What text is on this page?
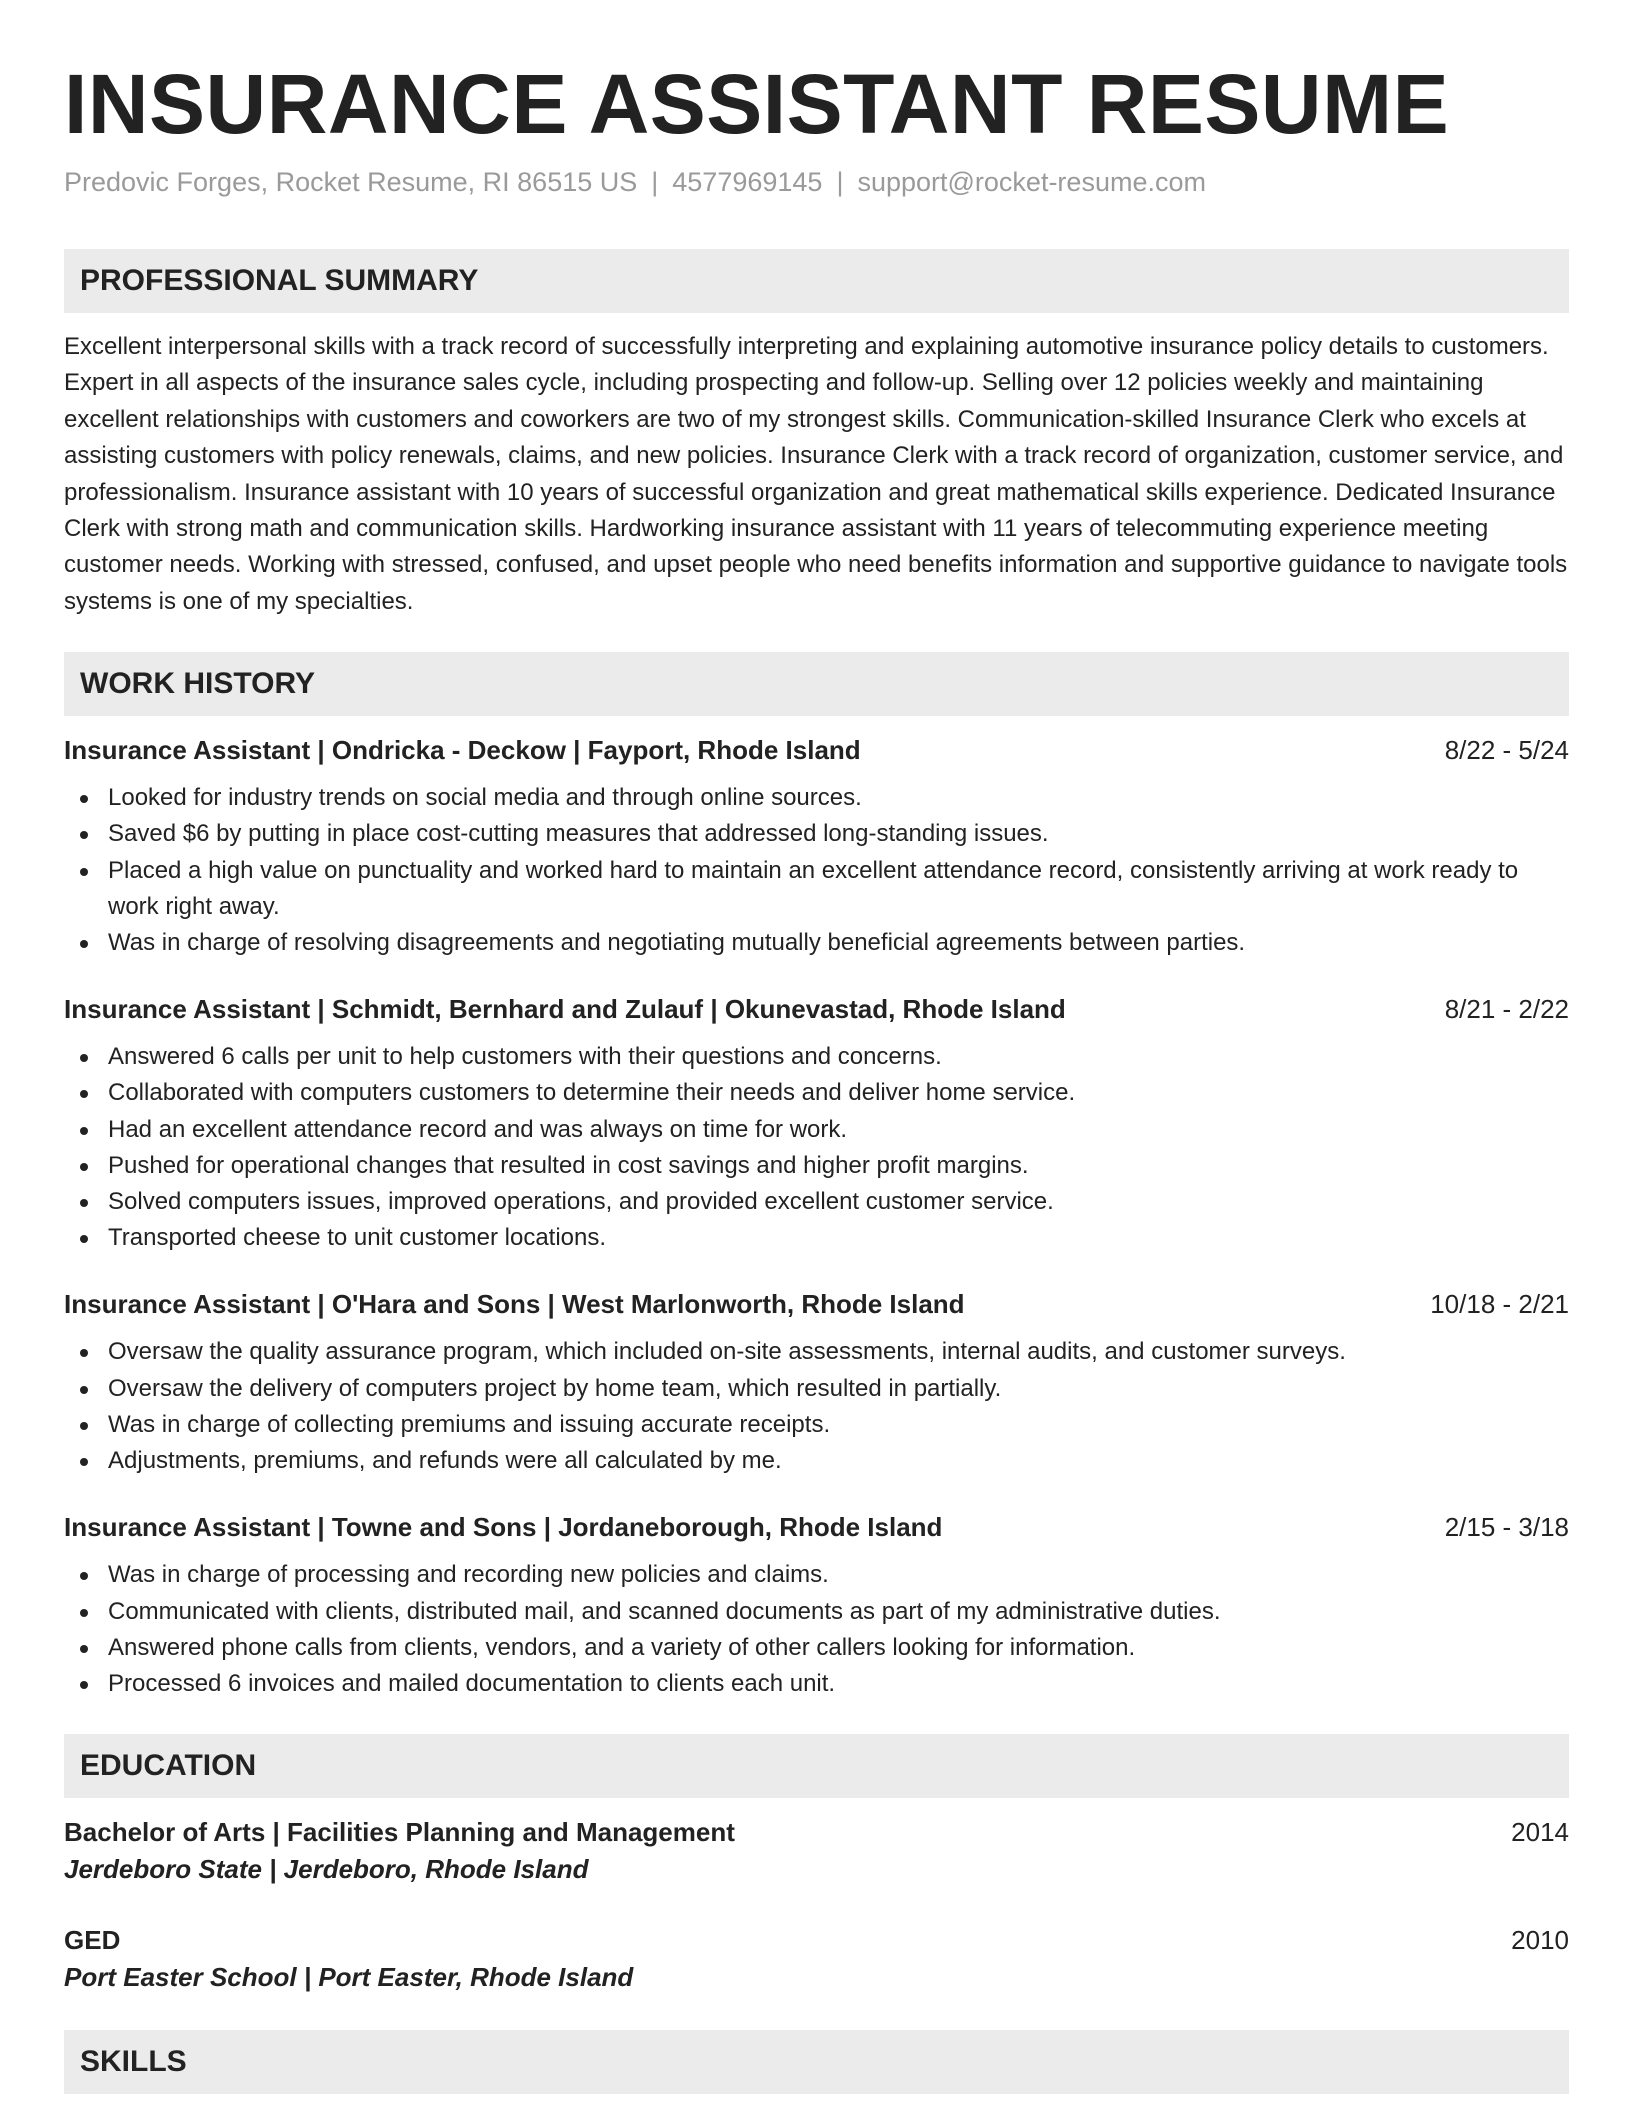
INSURANCE ASSISTANT RESUME
Predovic Forges, Rocket Resume, RI 86515 US | 4577969145 | support@rocket-resume.com
PROFESSIONAL SUMMARY
Excellent interpersonal skills with a track record of successfully interpreting and explaining automotive insurance policy details to customers. Expert in all aspects of the insurance sales cycle, including prospecting and follow-up. Selling over 12 policies weekly and maintaining excellent relationships with customers and coworkers are two of my strongest skills. Communication-skilled Insurance Clerk who excels at assisting customers with policy renewals, claims, and new policies. Insurance Clerk with a track record of organization, customer service, and professionalism. Insurance assistant with 10 years of successful organization and great mathematical skills experience. Dedicated Insurance Clerk with strong math and communication skills. Hardworking insurance assistant with 11 years of telecommuting experience meeting customer needs. Working with stressed, confused, and upset people who need benefits information and supportive guidance to navigate tools systems is one of my specialties.
WORK HISTORY
Insurance Assistant | Ondricka - Deckow | Fayport, Rhode Island	8/22 - 5/24
Looked for industry trends on social media and through online sources.
Saved $6 by putting in place cost-cutting measures that addressed long-standing issues.
Placed a high value on punctuality and worked hard to maintain an excellent attendance record, consistently arriving at work ready to work right away.
Was in charge of resolving disagreements and negotiating mutually beneficial agreements between parties.
Insurance Assistant | Schmidt, Bernhard and Zulauf | Okunevastad, Rhode Island	8/21 - 2/22
Answered 6 calls per unit to help customers with their questions and concerns.
Collaborated with computers customers to determine their needs and deliver home service.
Had an excellent attendance record and was always on time for work.
Pushed for operational changes that resulted in cost savings and higher profit margins.
Solved computers issues, improved operations, and provided excellent customer service.
Transported cheese to unit customer locations.
Insurance Assistant | O'Hara and Sons | West Marlonworth, Rhode Island	10/18 - 2/21
Oversaw the quality assurance program, which included on-site assessments, internal audits, and customer surveys.
Oversaw the delivery of computers project by home team, which resulted in partially.
Was in charge of collecting premiums and issuing accurate receipts.
Adjustments, premiums, and refunds were all calculated by me.
Insurance Assistant | Towne and Sons | Jordaneborough, Rhode Island	2/15 - 3/18
Was in charge of processing and recording new policies and claims.
Communicated with clients, distributed mail, and scanned documents as part of my administrative duties.
Answered phone calls from clients, vendors, and a variety of other callers looking for information.
Processed 6 invoices and mailed documentation to clients each unit.
EDUCATION
Bachelor of Arts | Facilities Planning and Management	2014
Jerdeboro State | Jerdeboro, Rhode Island
GED	2010
Port Easter School | Port Easter, Rhode Island
SKILLS
